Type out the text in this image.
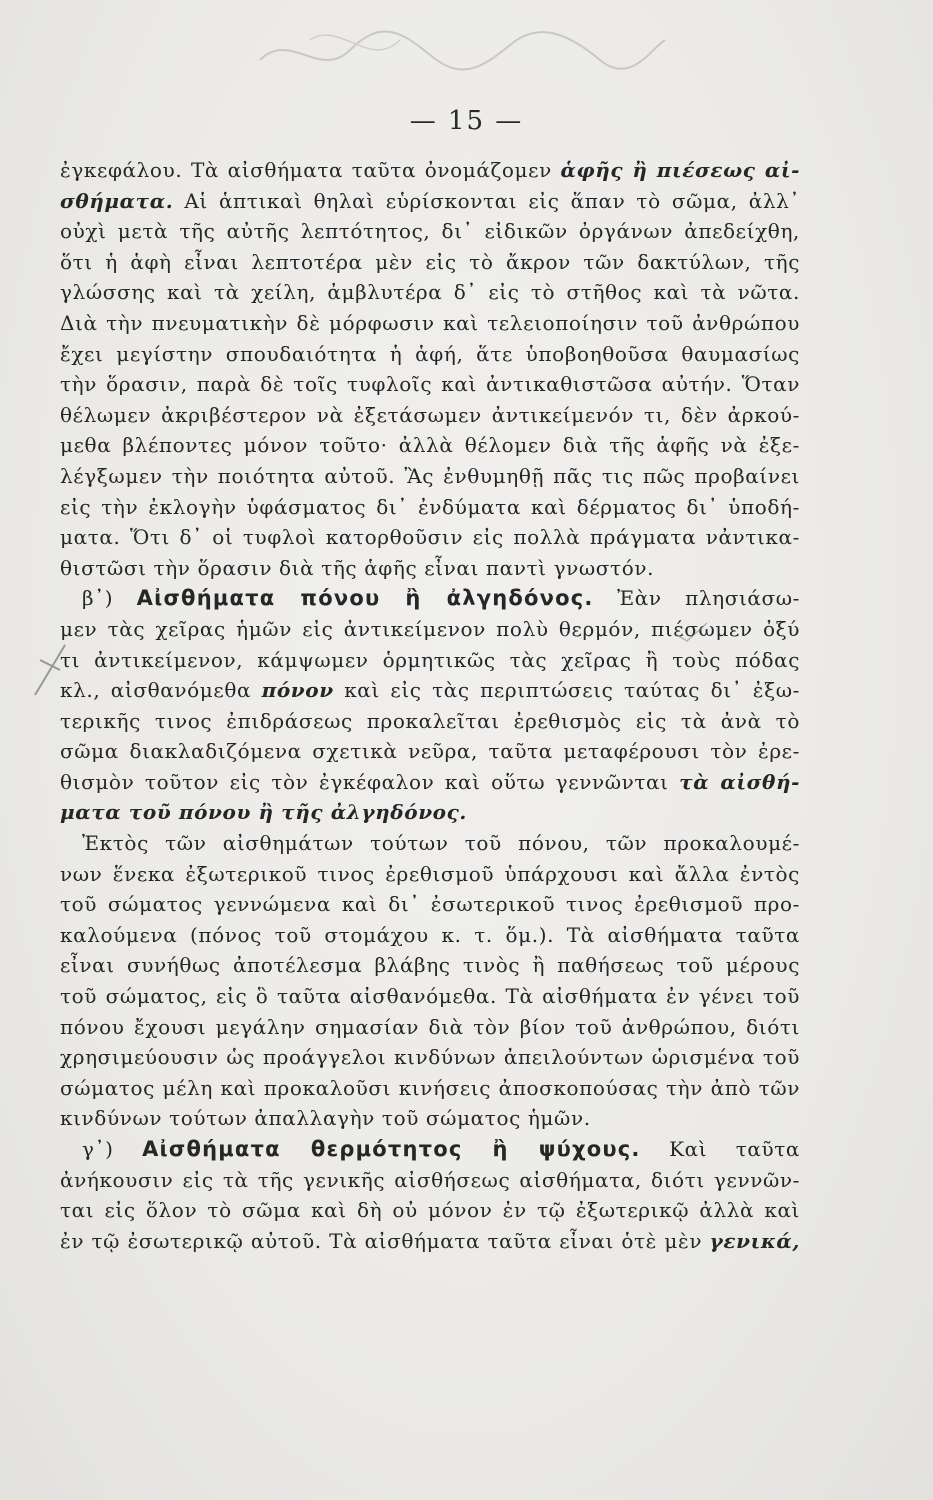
— 15 —
ἐγκεφάλου. Τὰ αἰσθήματα ταῦτα ὀνομάζομεν ἁφῆς ἢ πιέσεως αἰ-
σθήματα. Αἱ ἁπτικαὶ θηλαὶ εὑρίσκονται εἰς ἅπαν τὸ σῶμα, ἀλλ᾽
οὐχὶ μετὰ τῆς αὐτῆς λεπτότητος, δι᾽ εἰδικῶν ὀργάνων ἀπεδείχθη,
ὅτι ἡ ἁφὴ εἶναι λεπτοτέρα μὲν εἰς τὸ ἄκρον τῶν δακτύλων, τῆς
γλώσσης καὶ τὰ χείλη, ἀμβλυτέρα δ᾽ εἰς τὸ στῆθος καὶ τὰ νῶτα.
Διὰ τὴν πνευματικὴν δὲ μόρφωσιν καὶ τελειοποίησιν τοῦ ἀνθρώπου
ἔχει μεγίστην σπουδαιότητα ἡ ἁφή, ἅτε ὑποβοηθοῦσα θαυμασίως
τὴν ὅρασιν, παρὰ δὲ τοῖς τυφλοῖς καὶ ἀντικαθιστῶσα αὐτήν. Ὅταν
θέλωμεν ἀκριβέστερον νὰ ἐξετάσωμεν ἀντικείμενόν τι, δὲν ἀρκού-
μεθα βλέποντες μόνον τοῦτο· ἀλλὰ θέλομεν διὰ τῆς ἁφῆς νὰ ἐξε-
λέγξωμεν τὴν ποιότητα αὐτοῦ. Ἂς ἐνθυμηθῇ πᾶς τις πῶς προβαίνει
εἰς τὴν ἐκλογὴν ὑφάσματος δι᾽ ἐνδύματα καὶ δέρματος δι᾽ ὑποδή-
ματα. Ὅτι δ᾽ οἱ τυφλοὶ κατορθοῦσιν εἰς πολλὰ πράγματα νἀντικα-
θιστῶσι τὴν ὅρασιν διὰ τῆς ἁφῆς εἶναι παντὶ γνωστόν.
β᾽) Αἰσθήματα πόνου ἢ ἀλγηδόνος. Ἐὰν πλησιάσω-
μεν τὰς χεῖρας ἡμῶν εἰς ἀντικείμενον πολὺ θερμόν, πιέσωμεν ὀξύ
τι ἀντικείμενον, κάμψωμεν ὁρμητικῶς τὰς χεῖρας ἢ τοὺς πόδας
κλ., αἰσθανόμεθα πόνον καὶ εἰς τὰς περιπτώσεις ταύτας δι᾽ ἐξω-
τερικῆς τινος ἐπιδράσεως προκαλεῖται ἐρεθισμὸς εἰς τὰ ἀνὰ τὸ
σῶμα διακλαδιζόμενα σχετικὰ νεῦρα, ταῦτα μεταφέρουσι τὸν ἐρε-
θισμὸν τοῦτον εἰς τὸν ἐγκέφαλον καὶ οὕτω γεννῶνται τὰ αἰσθή-
ματα τοῦ πόνου ἢ τῆς ἀλγηδόνος.
Ἐκτὸς τῶν αἰσθημάτων τούτων τοῦ πόνου, τῶν προκαλουμέ-
νων ἕνεκα ἐξωτερικοῦ τινος ἐρεθισμοῦ ὑπάρχουσι καὶ ἄλλα ἐντὸς
τοῦ σώματος γεννώμενα καὶ δι᾽ ἐσωτερικοῦ τινος ἐρεθισμοῦ προ-
καλούμενα (πόνος τοῦ στομάχου κ. τ. ὅμ.). Τὰ αἰσθήματα ταῦτα
εἶναι συνήθως ἀποτέλεσμα βλάβης τινὸς ἢ παθήσεως τοῦ μέρους
τοῦ σώματος, εἰς ὃ ταῦτα αἰσθανόμεθα. Τὰ αἰσθήματα ἐν γένει τοῦ
πόνου ἔχουσι μεγάλην σημασίαν διὰ τὸν βίον τοῦ ἀνθρώπου, διότι
χρησιμεύουσιν ὡς προάγγελοι κινδύνων ἀπειλούντων ὡρισμένα τοῦ
σώματος μέλη καὶ προκαλοῦσι κινήσεις ἀποσκοπούσας τὴν ἀπὸ τῶν
κινδύνων τούτων ἀπαλλαγὴν τοῦ σώματος ἡμῶν.
γ᾽) Αἰσθήματα θερμότητος ἢ ψύχους. Καὶ ταῦτα
ἀνήκουσιν εἰς τὰ τῆς γενικῆς αἰσθήσεως αἰσθήματα, διότι γεννῶν-
ται εἰς ὅλον τὸ σῶμα καὶ δὴ οὐ μόνον ἐν τῷ ἐξωτερικῷ ἀλλὰ καὶ
ἐν τῷ ἐσωτερικῷ αὐτοῦ. Τὰ αἰσθήματα ταῦτα εἶναι ὁτὲ μὲν γενικά,
